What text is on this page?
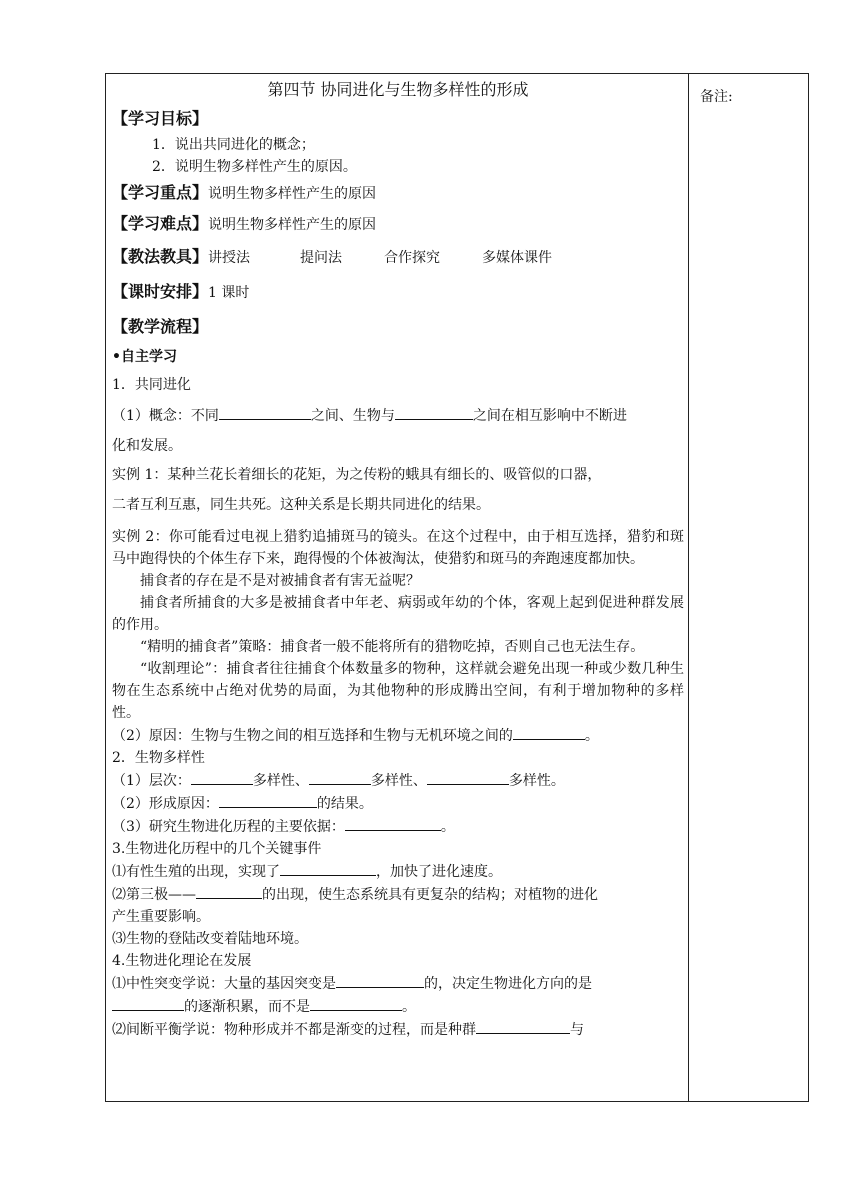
备注:

第四节 协同进化与生物多样性的形成

【学习目标】

1．说出共同进化的概念；

2．说明生物多样性产生的原因。

【学习重点】说明生物多样性产生的原因

【学习难点】说明生物多样性产生的原因

【教法教具】讲授法	提问法	合作探究	多媒体课件

【课时安排】1 课时

【教学流程】

•自主学习

1．共同进化

（1）概念：不同	之间、生物与	之间在相互影响中不断进

化和发展。

实例 1：某种兰花长着细长的花矩，为之传粉的蛾具有细长的、吸管似的口器，

二者互利互惠，同生共死。这种关系是长期共同进化的结果。

实例 2：你可能看过电视上猎豹追捕斑马的镜头。在这个过程中，由于相互选择，猎豹和斑马中跑得快的个体生存下来，跑得慢的个体被淘汰，使猎豹和斑马的奔跑速度都加快。

捕食者的存在是不是对被捕食者有害无益呢？

捕食者所捕食的大多是被捕食者中年老、病弱或年幼的个体，客观上起到促进种群发展的作用。

“精明的捕食者”策略：捕食者一般不能将所有的猎物吃掉，否则自己也无法生存。

“收割理论”：捕食者往往捕食个体数量多的物种，这样就会避免出现一种或少数几种生物在生态系统中占绝对优势的局面，为其他物种的形成腾出空间，有利于增加物种的多样性。

（2）原因：生物与生物之间的相互选择和生物与无机环境之间的	。

2．生物多样性

（1）层次：	多样性、	多样性、	多样性。

（2）形成原因：	的结果。

（3）研究生物进化历程的主要依据：	。

3.生物进化历程中的几个关键事件

⑴有性生殖的出现，实现了	，加快了进化速度。

⑵第三极——	的出现，使生态系统具有更复杂的结构；对植物的进化

产生重要影响。

⑶生物的登陆改变着陆地环境。

4.生物进化理论在发展

⑴中性突变学说：大量的基因突变是	的，决定生物进化方向的是

的逐渐积累，而不是	。

⑵间断平衡学说：物种形成并不都是渐变的过程，而是种群	与
